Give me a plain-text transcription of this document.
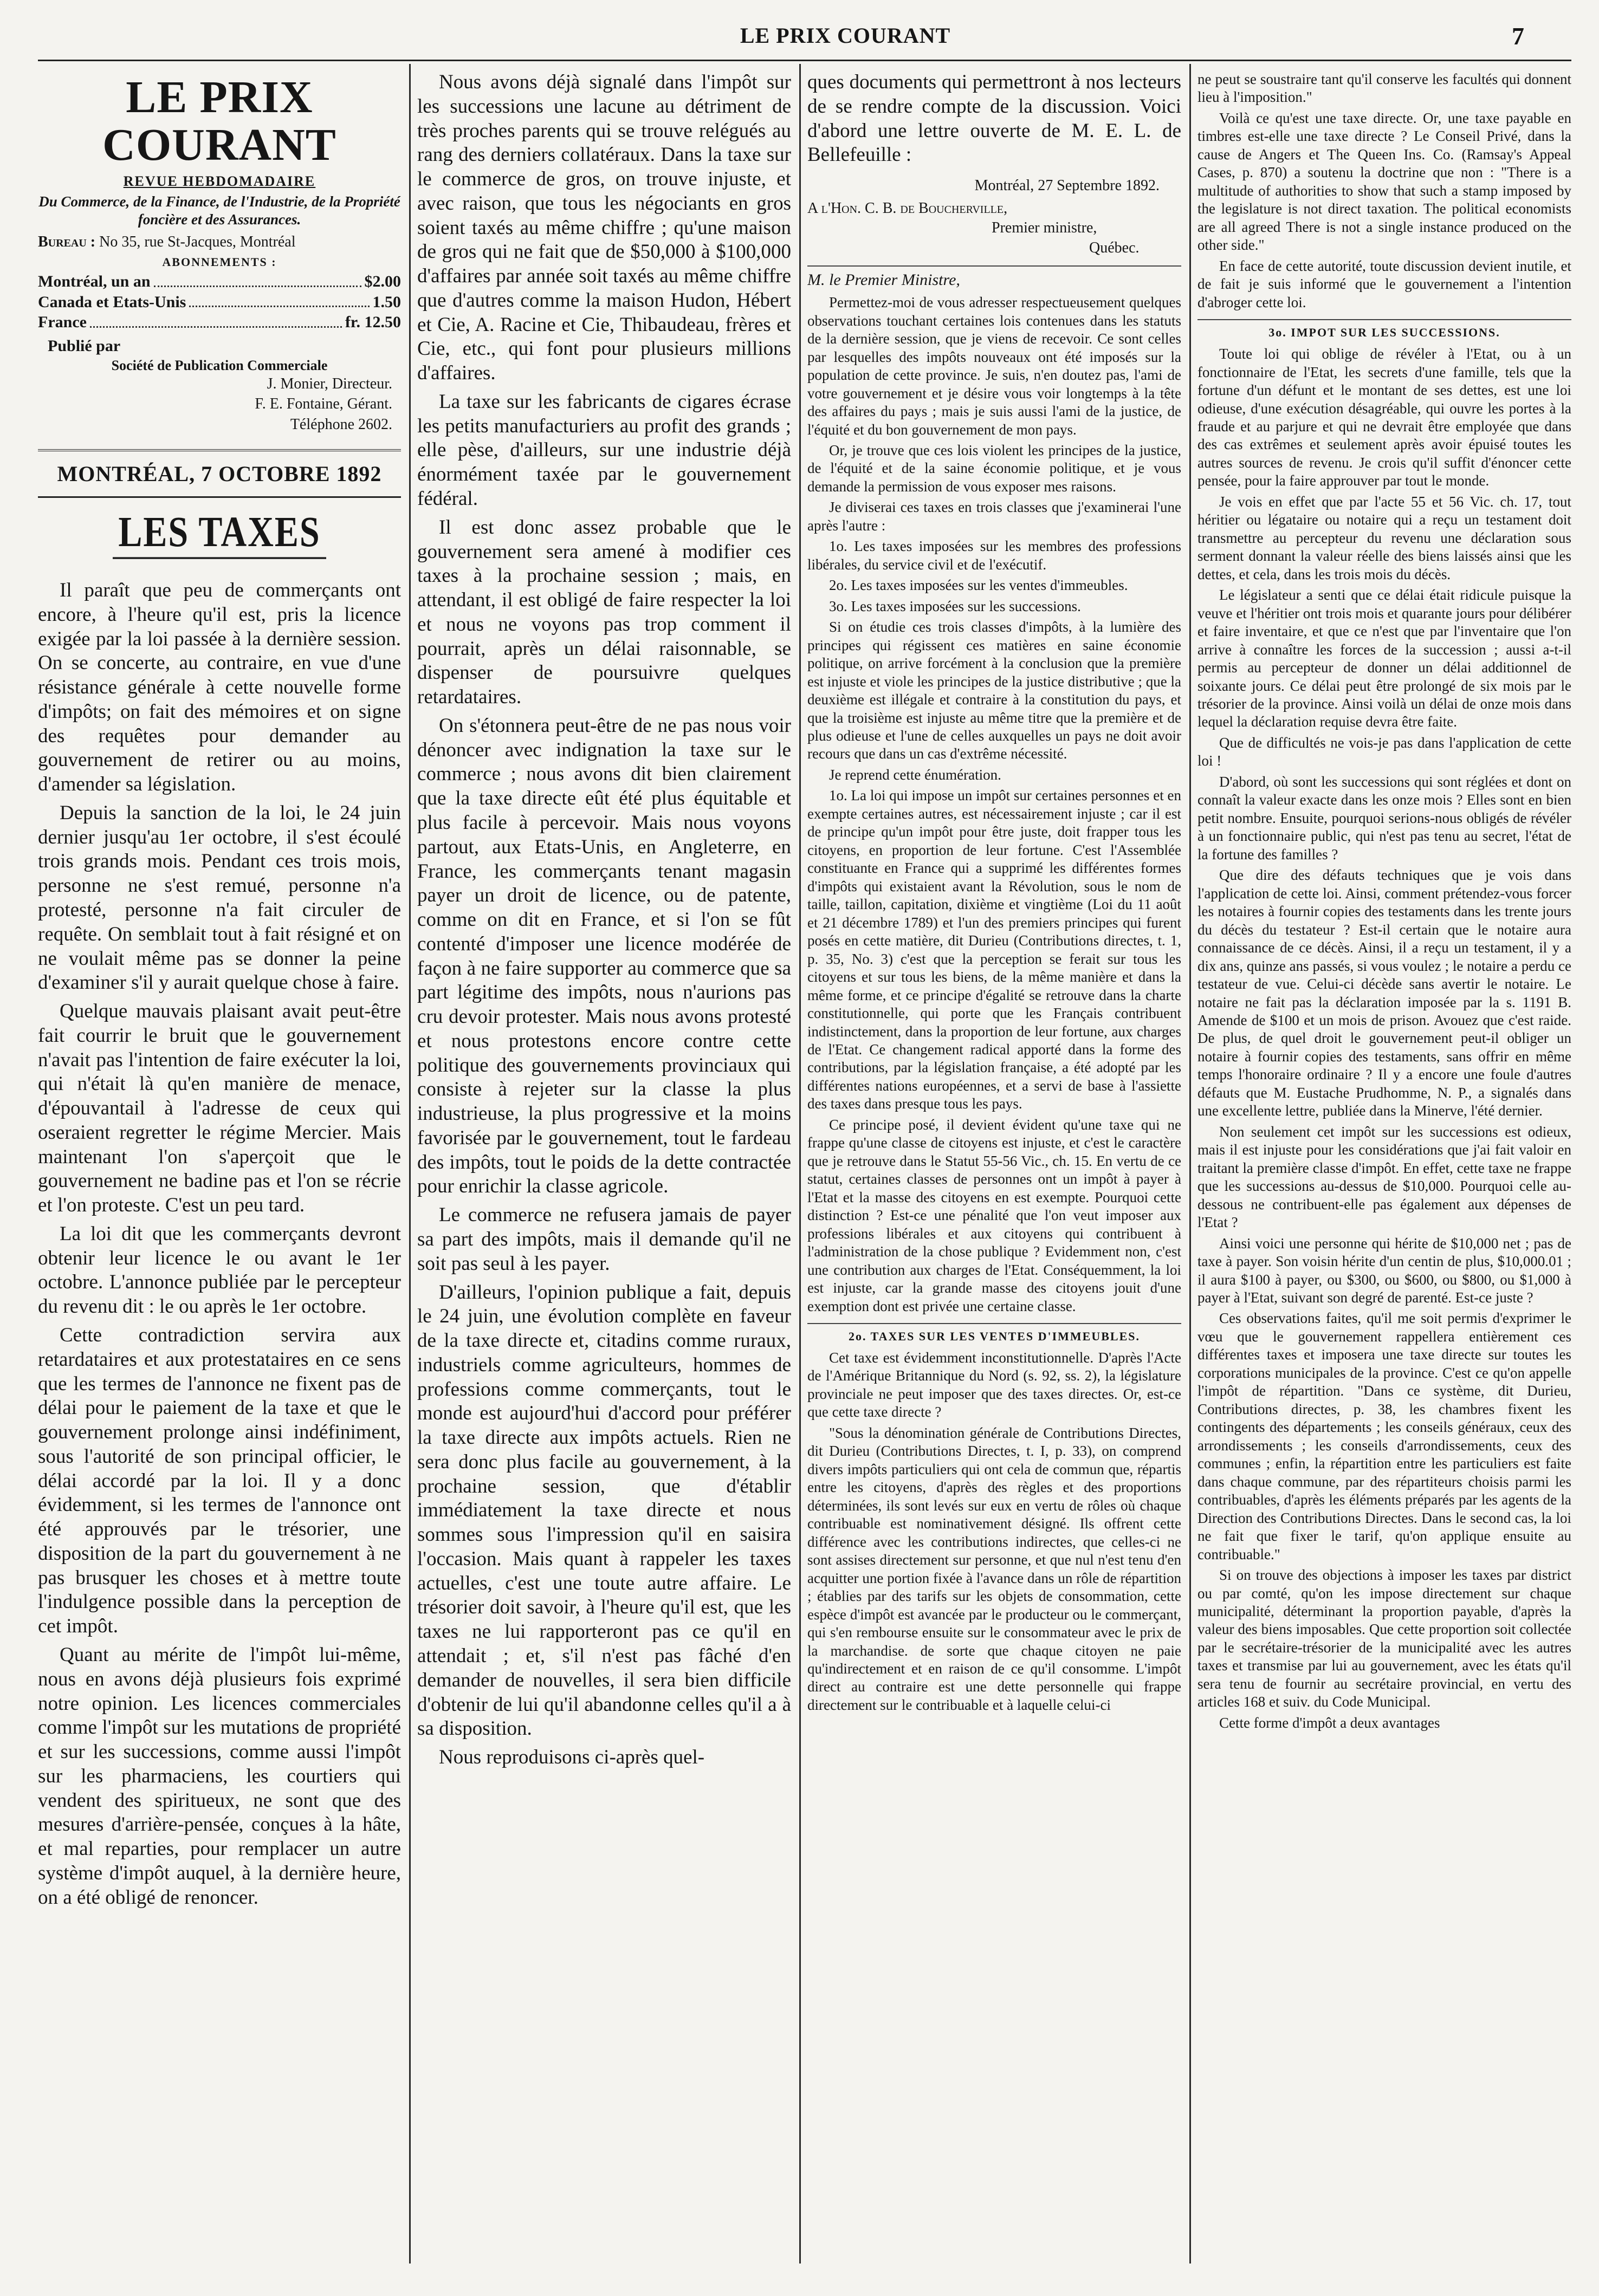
LE PRIX COURANT	7
LE PRIX COURANT
REVUE HEBDOMADAIRE
Du Commerce, de la Finance, de l'Industrie, de la Propriété foncière et des Assurances.
Bureau : No 35, rue St-Jacques, Montréal
ABONNEMENTS :
Montréal, un an	$2.00
Canada et Etats-Unis	1.50
France	fr. 12.50
Publié par
Société de Publication Commerciale
J. Monier, Directeur.
F. E. Fontaine, Gérant.
Téléphone 2602.
MONTRÉAL, 7 OCTOBRE 1892
LES TAXES

Il paraît que peu de commerçants ont encore, à l'heure qu'il est, pris la licence exigée par la loi passée à la dernière session. On se concerte, au contraire, en vue d'une résistance générale à cette nouvelle forme d'impôts; on fait des mémoires et on signe des requêtes pour demander au gouvernement de retirer ou au moins, d'amender sa législation.

Depuis la sanction de la loi, le 24 juin dernier jusqu'au 1er octobre, il s'est écoulé trois grands mois. Pendant ces trois mois, personne ne s'est remué, personne n'a protesté, personne n'a fait circuler de requête. On semblait tout à fait résigné et on ne voulait même pas se donner la peine d'examiner s'il y aurait quelque chose à faire.

Quelque mauvais plaisant avait peut-être fait courrir le bruit que le gouvernement n'avait pas l'intention de faire exécuter la loi, qui n'était là qu'en manière de menace, d'épouvantail à l'adresse de ceux qui oseraient regretter le régime Mercier. Mais maintenant l'on s'aperçoit que le gouvernement ne badine pas et l'on se récrie et l'on proteste. C'est un peu tard.

La loi dit que les commerçants devront obtenir leur licence le ou avant le 1er octobre. L'annonce publiée par le percepteur du revenu dit : le ou après le 1er octobre.

Cette contradiction servira aux retardataires et aux protestataires en ce sens que les termes de l'annonce ne fixent pas de délai pour le paiement de la taxe et que le gouvernement prolonge ainsi indéfiniment, sous l'autorité de son principal officier, le délai accordé par la loi. Il y a donc évidemment, si les termes de l'annonce ont été approuvés par le trésorier, une disposition de la part du gouvernement à ne pas brusquer les choses et à mettre toute l'indulgence possible dans la perception de cet impôt.

Quant au mérite de l'impôt lui-même, nous en avons déjà plusieurs fois exprimé notre opinion. Les licences commerciales comme l'impôt sur les mutations de propriété et sur les successions, comme aussi l'impôt sur les pharmaciens, les courtiers qui vendent des spiritueux, ne sont que des mesures d'arrière-pensée, conçues à la hâte, et mal reparties, pour remplacer un autre système d'impôt auquel, à la dernière heure, on a été obligé de renoncer.

Nous avons déjà signalé dans l'impôt sur les successions une lacune au détriment de très proches parents qui se trouve relégués au rang des derniers collatéraux. Dans la taxe sur le commerce de gros, on trouve injuste, et avec raison, que tous les négociants en gros soient taxés au même chiffre ; qu'une maison de gros qui ne fait que de $50,000 à $100,000 d'affaires par année soit taxés au même chiffre que d'autres comme la maison Hudon, Hébert et Cie, A. Racine et Cie, Thibaudeau, frères et Cie, etc., qui font pour plusieurs millions d'affaires.

La taxe sur les fabricants de cigares écrase les petits manufacturiers au profit des grands ; elle pèse, d'ailleurs, sur une industrie déjà énormément taxée par le gouvernement fédéral.

Il est donc assez probable que le gouvernement sera amené à modifier ces taxes à la prochaine session ; mais, en attendant, il est obligé de faire respecter la loi et nous ne voyons pas trop comment il pourrait, après un délai raisonnable, se dispenser de poursuivre quelques retardataires.

On s'étonnera peut-être de ne pas nous voir dénoncer avec indignation la taxe sur le commerce ; nous avons dit bien clairement que la taxe directe eût été plus équitable et plus facile à percevoir. Mais nous voyons partout, aux Etats-Unis, en Angleterre, en France, les commerçants tenant magasin payer un droit de licence, ou de patente, comme on dit en France, et si l'on se fût contenté d'imposer une licence modérée de façon à ne faire supporter au commerce que sa part légitime des impôts, nous n'aurions pas cru devoir protester. Mais nous avons protesté et nous protestons encore contre cette politique des gouvernements provinciaux qui consiste à rejeter sur la classe la plus industrieuse, la plus progressive et la moins favorisée par le gouvernement, tout le fardeau des impôts, tout le poids de la dette contractée pour enrichir la classe agricole.

Le commerce ne refusera jamais de payer sa part des impôts, mais il demande qu'il ne soit pas seul à les payer.

D'ailleurs, l'opinion publique a fait, depuis le 24 juin, une évolution complète en faveur de la taxe directe et, citadins comme ruraux, industriels comme agriculteurs, hommes de professions comme commerçants, tout le monde est aujourd'hui d'accord pour préférer la taxe directe aux impôts actuels. Rien ne sera donc plus facile au gouvernement, à la prochaine session, que d'établir immédiatement la taxe directe et nous sommes sous l'impression qu'il en saisira l'occasion. Mais quant à rappeler les taxes actuelles, c'est une toute autre affaire. Le trésorier doit savoir, à l'heure qu'il est, que les taxes ne lui rapporteront pas ce qu'il en attendait ; et, s'il n'est pas fâché d'en demander de nouvelles, il sera bien difficile d'obtenir de lui qu'il abandonne celles qu'il a à sa disposition.

Nous reproduisons ci-après quel-

ques documents qui permettront à nos lecteurs de se rendre compte de la discussion. Voici d'abord une lettre ouverte de M. E. L. de Bellefeuille :

Montréal, 27 Septembre 1892.
A l'Hon. C. B. de Boucherville,
Premier ministre,
Québec.
M. le Premier Ministre,

Permettez-moi de vous adresser respectueusement quelques observations touchant certaines lois contenues dans les statuts de la dernière session, que je viens de recevoir. Ce sont celles par lesquelles des impôts nouveaux ont été imposés sur la population de cette province. Je suis, n'en doutez pas, l'ami de votre gouvernement et je désire vous voir longtemps à la tête des affaires du pays ; mais je suis aussi l'ami de la justice, de l'équité et du bon gouvernement de mon pays.

Or, je trouve que ces lois violent les principes de la justice, de l'équité et de la saine économie politique, et je vous demande la permission de vous exposer mes raisons.

Je diviserai ces taxes en trois classes que j'examinerai l'une après l'autre :

1o. Les taxes imposées sur les membres des professions libérales, du service civil et de l'exécutif.

2o. Les taxes imposées sur les ventes d'immeubles.

3o. Les taxes imposées sur les successions.

Si on étudie ces trois classes d'impôts, à la lumière des principes qui régissent ces matières en saine économie politique, on arrive forcément à la conclusion que la première est injuste et viole les principes de la justice distributive ; que la deuxième est illégale et contraire à la constitution du pays, et que la troisième est injuste au même titre que la première et de plus odieuse et l'une de celles auxquelles un pays ne doit avoir recours que dans un cas d'extrême nécessité.

Je reprend cette énumération.

1o. La loi qui impose un impôt sur certaines personnes et en exempte certaines autres, est nécessairement injuste ; car il est de principe qu'un impôt pour être juste, doit frapper tous les citoyens, en proportion de leur fortune. C'est l'Assemblée constituante en France qui a supprimé les différentes formes d'impôts qui existaient avant la Révolution, sous le nom de taille, taillon, capitation, dixième et vingtième (Loi du 11 août et 21 décembre 1789) et l'un des premiers principes qui furent posés en cette matière, dit Durieu (Contributions directes, t. 1, p. 35, No. 3) c'est que la perception se ferait sur tous les citoyens et sur tous les biens, de la même manière et dans la même forme, et ce principe d'égalité se retrouve dans la charte constitutionnelle, qui porte que les Français contribuent indistinctement, dans la proportion de leur fortune, aux charges de l'Etat. Ce changement radical apporté dans la forme des contributions, par la législation française, a été adopté par les différentes nations européennes, et a servi de base à l'assiette des taxes dans presque tous les pays.

Ce principe posé, il devient évident qu'une taxe qui ne frappe qu'une classe de citoyens est injuste, et c'est le caractère que je retrouve dans le Statut 55-56 Vic., ch. 15. En vertu de ce statut, certaines classes de personnes ont un impôt à payer à l'Etat et la masse des citoyens en est exempte. Pourquoi cette distinction ? Est-ce une pénalité que l'on veut imposer aux professions libérales et aux citoyens qui contribuent à l'administration de la chose publique ? Evidemment non, c'est une contribution aux charges de l'Etat. Conséquemment, la loi est injuste, car la grande masse des citoyens jouit d'une exemption dont est privée une certaine classe.

2o. TAXES SUR LES VENTES D'IMMEUBLES.

Cet taxe est évidemment inconstitutionnelle. D'après l'Acte de l'Amérique Britannique du Nord (s. 92, ss. 2), la législature provinciale ne peut imposer que des taxes directes. Or, est-ce que cette taxe directe ?

"Sous la dénomination générale de Contributions Directes, dit Durieu (Contributions Directes, t. I, p. 33), on comprend divers impôts particuliers qui ont cela de commun que, répartis entre les citoyens, d'après des règles et des proportions déterminées, ils sont levés sur eux en vertu de rôles où chaque contribuable est nominativement désigné. Ils offrent cette différence avec les contributions indirectes, que celles-ci ne sont assises directement sur personne, et que nul n'est tenu d'en acquitter une portion fixée à l'avance dans un rôle de répartition ; établies par des tarifs sur les objets de consommation, cette espèce d'impôt est avancée par le producteur ou le commerçant, qui s'en rembourse ensuite sur le consommateur avec le prix de la marchandise. de sorte que chaque citoyen ne paie qu'indirectement et en raison de ce qu'il consomme. L'impôt direct au contraire est une dette personnelle qui frappe directement sur le contribuable et à laquelle celui-ci

ne peut se soustraire tant qu'il conserve les facultés qui donnent lieu à l'imposition."

Voilà ce qu'est une taxe directe. Or, une taxe payable en timbres est-elle une taxe directe ? Le Conseil Privé, dans la cause de Angers et The Queen Ins. Co. (Ramsay's Appeal Cases, p. 870) a soutenu la doctrine que non : "There is a multitude of authorities to show that such a stamp imposed by the legislature is not direct taxation. The political economists are all agreed There is not a single instance produced on the other side."

En face de cette autorité, toute discussion devient inutile, et de fait je suis informé que le gouvernement a l'intention d'abroger cette loi.

3o. IMPOT SUR LES SUCCESSIONS.

Toute loi qui oblige de révéler à l'Etat, ou à un fonctionnaire de l'Etat, les secrets d'une famille, tels que la fortune d'un défunt et le montant de ses dettes, est une loi odieuse, d'une exécution désagréable, qui ouvre les portes à la fraude et au parjure et qui ne devrait être employée que dans des cas extrêmes et seulement après avoir épuisé toutes les autres sources de revenu. Je crois qu'il suffit d'énoncer cette pensée, pour la faire approuver par tout le monde.

Je vois en effet que par l'acte 55 et 56 Vic. ch. 17, tout héritier ou légataire ou notaire qui a reçu un testament doit transmettre au percepteur du revenu une déclaration sous serment donnant la valeur réelle des biens laissés ainsi que les dettes, et cela, dans les trois mois du décès.

Le législateur a senti que ce délai était ridicule puisque la veuve et l'héritier ont trois mois et quarante jours pour délibérer et faire inventaire, et que ce n'est que par l'inventaire que l'on arrive à connaître les forces de la succession ; aussi a-t-il permis au percepteur de donner un délai additionnel de soixante jours. Ce délai peut être prolongé de six mois par le trésorier de la province. Ainsi voilà un délai de onze mois dans lequel la déclaration requise devra être faite.

Que de difficultés ne vois-je pas dans l'application de cette loi !

D'abord, où sont les successions qui sont réglées et dont on connaît la valeur exacte dans les onze mois ? Elles sont en bien petit nombre. Ensuite, pourquoi serions-nous obligés de révéler à un fonctionnaire public, qui n'est pas tenu au secret, l'état de la fortune des familles ?

Que dire des défauts techniques que je vois dans l'application de cette loi. Ainsi, comment prétendez-vous forcer les notaires à fournir copies des testaments dans les trente jours du décès du testateur ? Est-il certain que le notaire aura connaissance de ce décès. Ainsi, il a reçu un testament, il y a dix ans, quinze ans passés, si vous voulez ; le notaire a perdu ce testateur de vue. Celui-ci décède sans avertir le notaire. Le notaire ne fait pas la déclaration imposée par la s. 1191 B. Amende de $100 et un mois de prison. Avouez que c'est raide. De plus, de quel droit le gouvernement peut-il obliger un notaire à fournir copies des testaments, sans offrir en même temps l'honoraire ordinaire ? Il y a encore une foule d'autres défauts que M. Eustache Prudhomme, N. P., a signalés dans une excellente lettre, publiée dans la Minerve, l'été dernier.

Non seulement cet impôt sur les successions est odieux, mais il est injuste pour les considérations que j'ai fait valoir en traitant la première classe d'impôt. En effet, cette taxe ne frappe que les successions au-dessus de $10,000. Pourquoi celle au-dessous ne contribuent-elle pas également aux dépenses de l'Etat ?

Ainsi voici une personne qui hérite de $10,000 net ; pas de taxe à payer. Son voisin hérite d'un centin de plus, $10,000.01 ; il aura $100 à payer, ou $300, ou $600, ou $800, ou $1,000 à payer à l'Etat, suivant son degré de parenté. Est-ce juste ?

Ces observations faites, qu'il me soit permis d'exprimer le vœu que le gouvernement rappellera entièrement ces différentes taxes et imposera une taxe directe sur toutes les corporations municipales de la province. C'est ce qu'on appelle l'impôt de répartition. "Dans ce système, dit Durieu, Contributions directes, p. 38, les chambres fixent les contingents des départements ; les conseils généraux, ceux des arrondissements ; les conseils d'arrondissements, ceux des communes ; enfin, la répartition entre les particuliers est faite dans chaque commune, par des répartiteurs choisis parmi les contribuables, d'après les éléments préparés par les agents de la Direction des Contributions Directes. Dans le second cas, la loi ne fait que fixer le tarif, qu'on applique ensuite au contribuable."

Si on trouve des objections à imposer les taxes par district ou par comté, qu'on les impose directement sur chaque municipalité, déterminant la proportion payable, d'après la valeur des biens imposables. Que cette proportion soit collectée par le secrétaire-trésorier de la municipalité avec les autres taxes et transmise par lui au gouvernement, avec les états qu'il sera tenu de fournir au secrétaire provincial, en vertu des articles 168 et suiv. du Code Municipal.

Cette forme d'impôt a deux avantages
